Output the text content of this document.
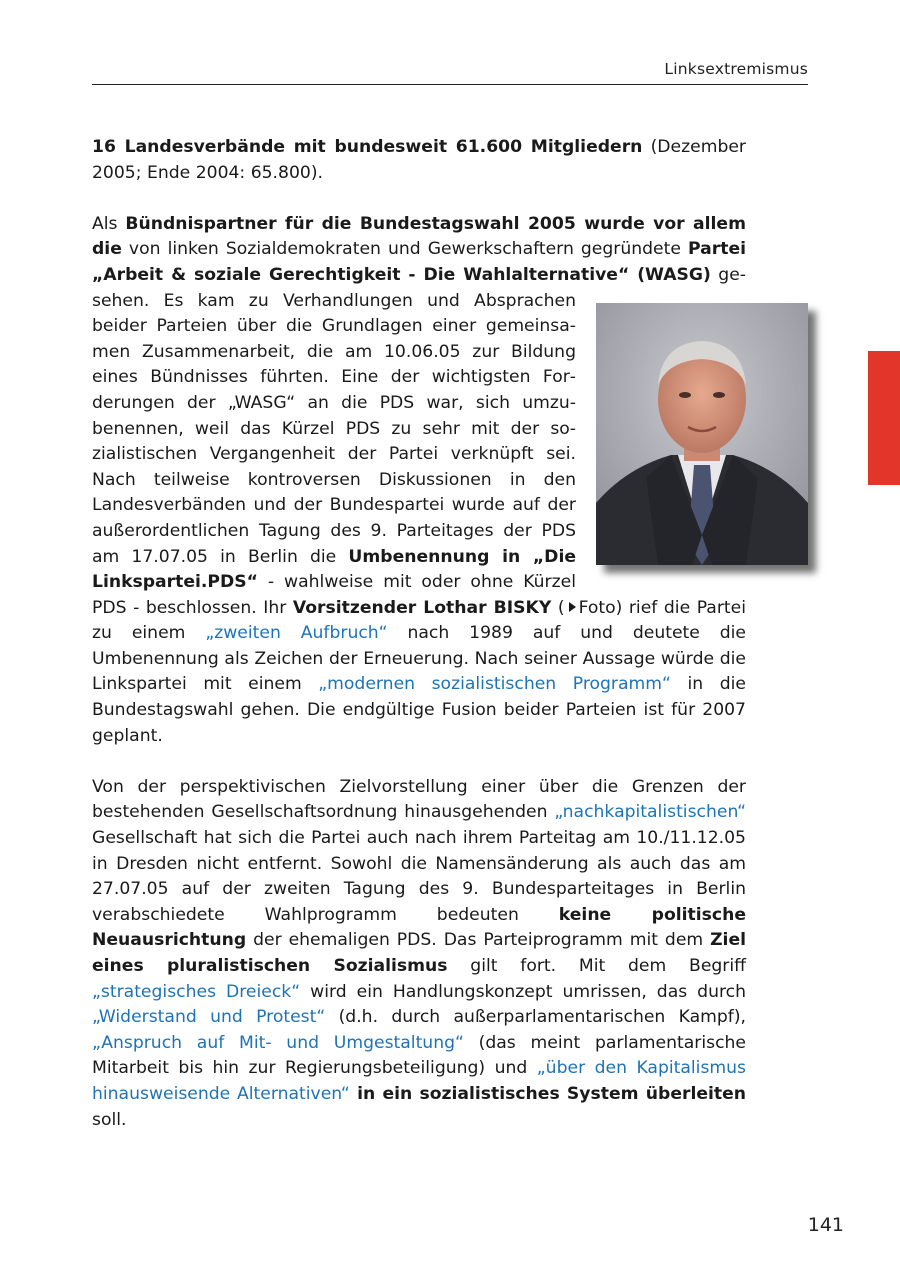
Linksextremismus

16 Landesverbände mit bundesweit 61.600 Mitgliedern (Dezember 2005; Ende 2004: 65.800).

Als Bündnispartner für die Bundestagswahl 2005 wurde vor allem die von linken Sozialdemokraten und Gewerkschaftern gegründete Partei „Arbeit & soziale Gerechtigkeit - Die Wahlalternative“ (WASG)
gesehen. Es kam zu Verhandlungen und Absprachen beider Parteien über die Grundlagen einer gemeinsamen Zusammenarbeit, die am 10.06.05 zur Bildung eines Bündnisses führten. Eine der wichtigsten Forderungen der „WASG“ an die PDS war, sich umzubenennen, weil das Kürzel PDS zu sehr mit der sozialistischen Vergangenheit der Partei verknüpft sei. Nach teilweise kontroversen Diskussionen in den Landesverbänden und der Bundespartei wurde auf der außerordentlichen Tagung des 9. Parteitages der PDS am 17.07.05 in Berlin die Umbenennung in „Die Linkspartei.PDS“ - wahlweise mit oder ohne Kürzel PDS - beschlossen. Ihr Vorsitzender Lothar BISKY ( Foto) rief die Partei zu einem „zweiten Aufbruch“ nach 1989 auf und deutete die Umbenennung als Zeichen der Erneuerung. Nach seiner Aussage würde die Linkspartei mit einem „modernen sozialistischen Programm“ in die Bundestagswahl gehen. Die endgültige Fusion beider Parteien ist für 2007 geplant.

Von der perspektivischen Zielvorstellung einer über die Grenzen der bestehenden Gesellschaftsordnung hinausgehenden „nachkapitalistischen“ Gesellschaft hat sich die Partei auch nach ihrem Parteitag am 10./11.12.05 in Dresden nicht entfernt. Sowohl die Namensänderung als auch das am 27.07.05 auf der zweiten Tagung des 9. Bundesparteitages in Berlin verabschiedete Wahlprogramm bedeuten keine politische Neuausrichtung der ehemaligen PDS. Das Parteiprogramm mit dem Ziel eines pluralistischen Sozialismus gilt fort. Mit dem Begriff „strategisches Dreieck“ wird ein Handlungskonzept umrissen, das durch „Widerstand und Protest“ (d.h. durch außerparlamentarischen Kampf), „Anspruch auf Mit- und Umgestaltung“ (das meint parlamentarische Mitarbeit bis hin zur Regierungsbeteiligung) und „über den Kapitalismus hinausweisende Alternativen“ in ein sozialistisches System überleiten soll.

141
